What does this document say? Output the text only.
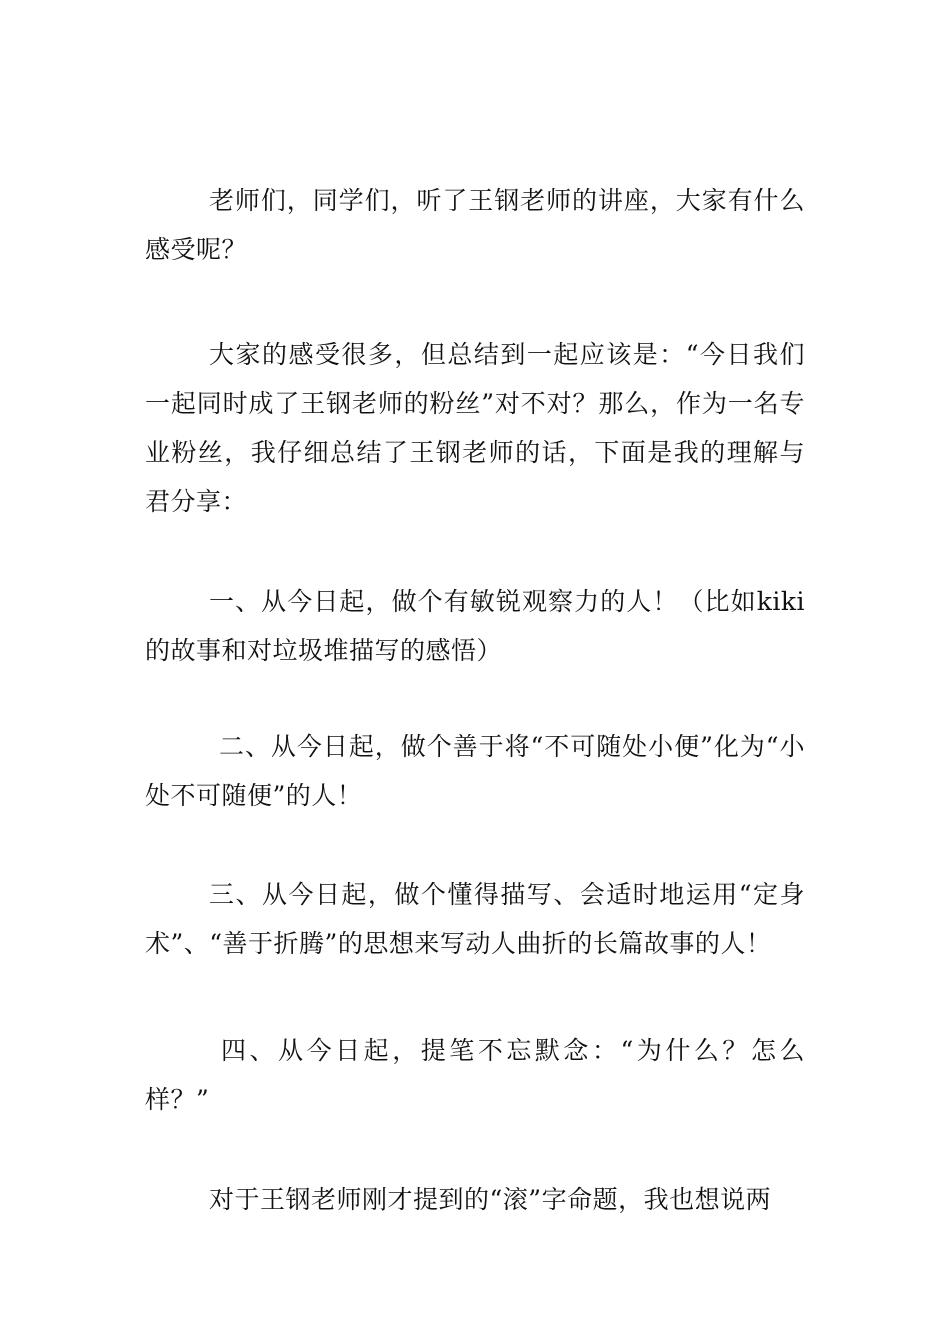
老师们，同学们，听了王钢老师的讲座，大家有什么感受呢？

大家的感受很多，但总结到一起应该是：“今日我们一起同时成了王钢老师的粉丝”对不对？那么，作为一名专业粉丝，我仔细总结了王钢老师的话，下面是我的理解与君分享：

一、从今日起，做个有敏锐观察力的人！（比如kiki的故事和对垃圾堆描写的感悟）

二、从今日起，做个善于将“不可随处小便”化为“小处不可随便”的人！

三、从今日起，做个懂得描写、会适时地运用“定身术”、“善于折腾”的思想来写动人曲折的长篇故事的人！

四、从今日起，提笔不忘默念：“为什么？怎么样？”

对于王钢老师刚才提到的“滚”字命题，我也想说两
